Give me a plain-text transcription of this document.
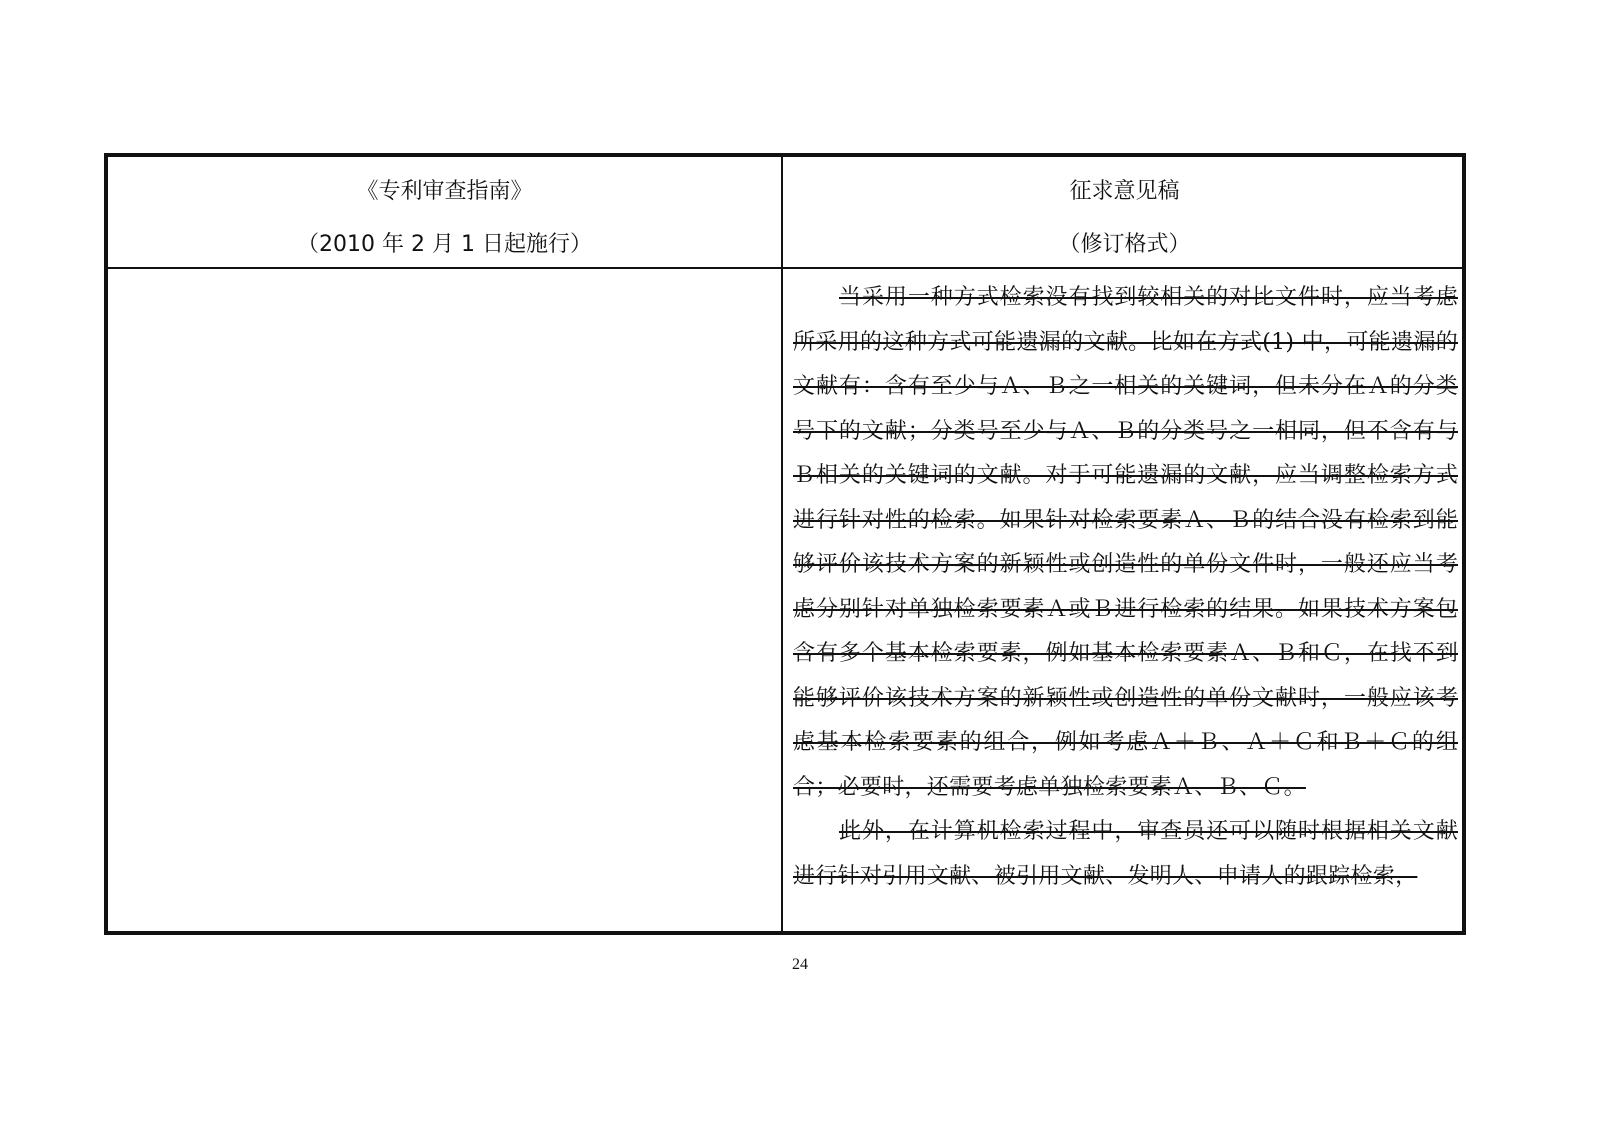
《专利审查指南》
（2010 年 2 月 1 日起施行）
征求意见稿
（修订格式）

当采用一种方式检索没有找到较相关的对比文件时，应当考虑所采用的这种方式可能遗漏的文献。比如在方式(1) 中，可能遗漏的文献有：含有至少与Ａ、Ｂ之一相关的关键词，但未分在Ａ的分类号下的文献；分类号至少与Ａ、Ｂ的分类号之一相同，但不含有与Ｂ相关的关键词的文献。对于可能遗漏的文献，应当调整检索方式进行针对性的检索。如果针对检索要素Ａ、Ｂ的结合没有检索到能够评价该技术方案的新颖性或创造性的单份文件时，一般还应当考虑分别针对单独检索要素Ａ或Ｂ进行检索的结果。如果技术方案包含有多个基本检索要素，例如基本检索要素Ａ、Ｂ和Ｃ，在找不到能够评价该技术方案的新颖性或创造性的单份文献时，一般应该考虑基本检索要素的组合，例如考虑Ａ＋Ｂ、Ａ＋Ｃ和Ｂ＋Ｃ的组合；必要时，还需要考虑单独检索要素Ａ、Ｂ、Ｃ。

此外，在计算机检索过程中，审查员还可以随时根据相关文献进行针对引用文献、被引用文献、发明人、申请人的跟踪检索，

24
